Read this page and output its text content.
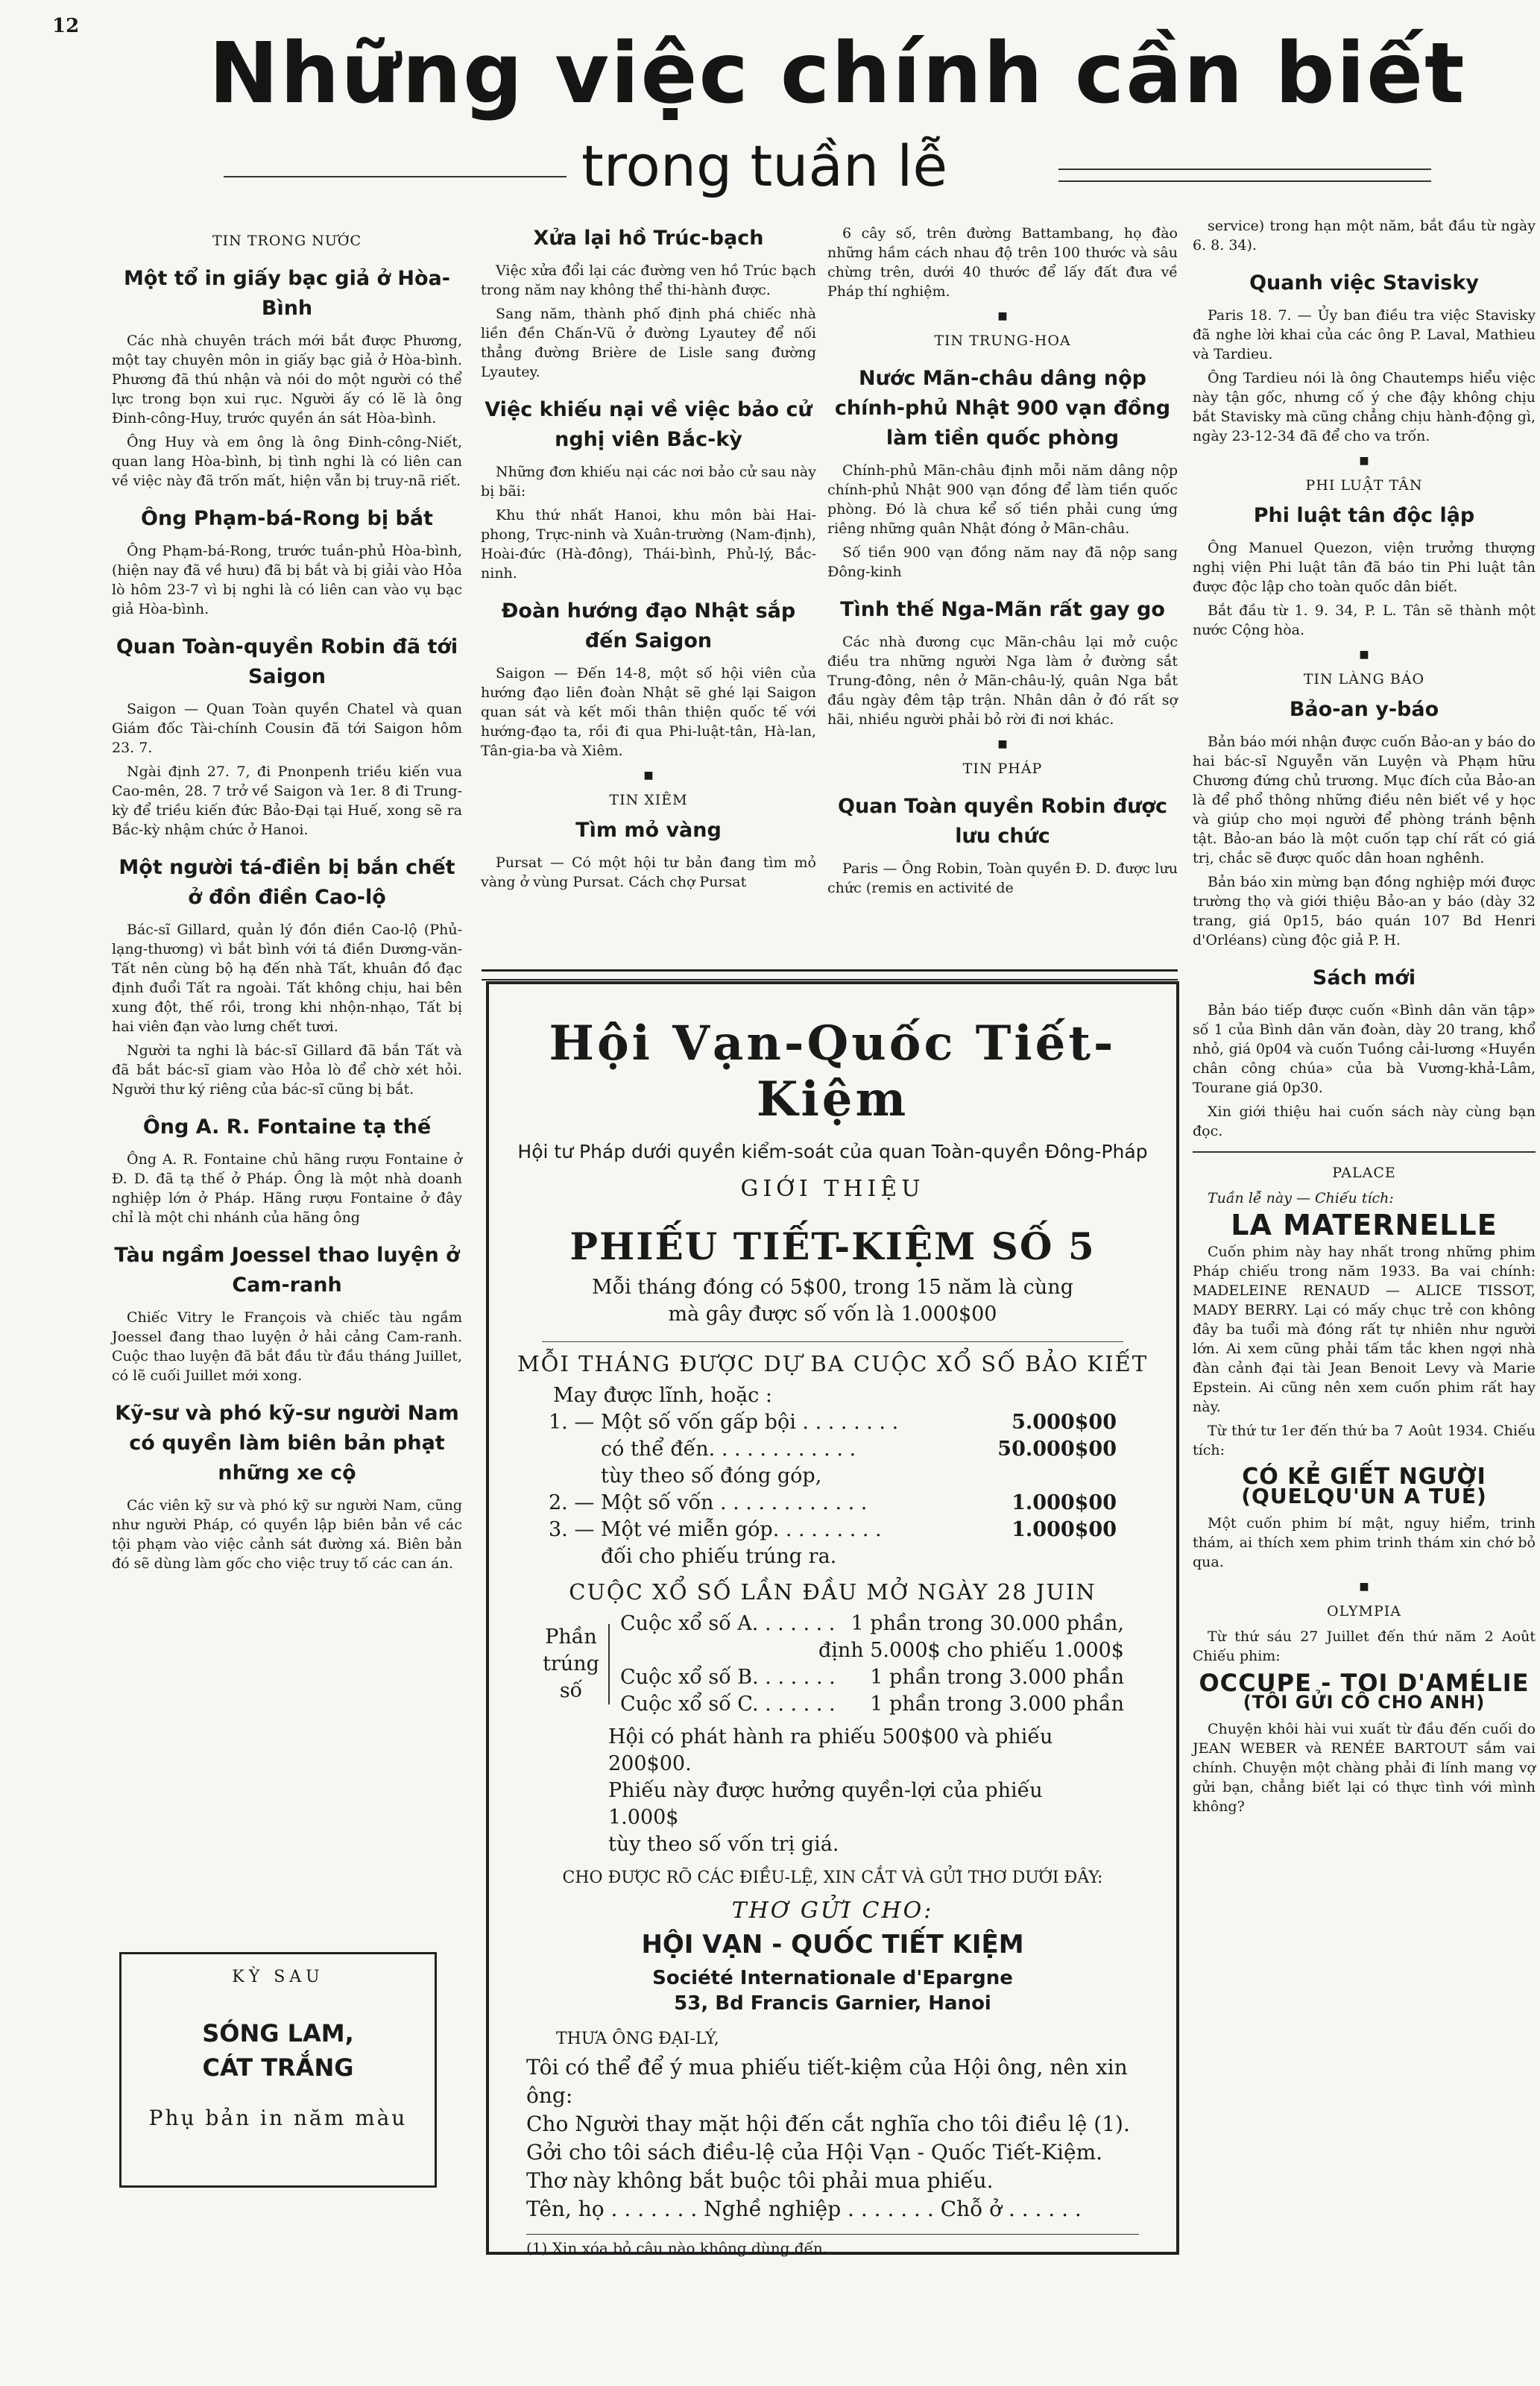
12 Những việc chính cần biết
trong tuần lễ
TIN TRONG NƯỚC
Một tổ in giấy bạc giả ở Hòa-Bình

Các nhà chuyên trách mới bắt được Phương, một tay chuyên môn in giấy bạc giả ở Hòa-bình. Phương đã thú nhận và nói do một người có thể lực trong bọn xui rục. Người ấy có lẽ là ông Đinh-công-Huy, trước quyền án sát Hòa-bình.

Ông Huy và em ông là ông Đinh-công-Niết, quan lang Hòa-bình, bị tình nghi là có liên can về việc này đã trốn mất, hiện vẫn bị truy-nã riết.

Ông Phạm-bá-Rong bị bắt

Ông Phạm-bá-Rong, trước tuần-phủ Hòa-bình, (hiện nay đã về hưu) đã bị bắt và bị giải vào Hỏa lò hôm 23-7 vì bị nghi là có liên can vào vụ bạc giả Hòa-bình.

Quan Toàn-quyền Robin đã tới Saigon

Saigon — Quan Toàn quyền Chatel và quan Giám đốc Tài-chính Cousin đã tới Saigon hôm 23. 7.

Ngài định 27. 7, đi Pnonpenh triều kiến vua Cao-mên, 28. 7 trở về Saigon và 1er. 8 đi Trung-kỳ để triều kiến đức Bảo-Đại tại Huế, xong sẽ ra Bắc-kỳ nhậm chức ở Hanoi.

Một người tá-điền bị bắn chết ở đồn điền Cao-lộ

Bác-sĩ Gillard, quản lý đồn điền Cao-lộ (Phủ-lạng-thương) vì bắt bình với tá điền Dương-văn-Tất nên cùng bộ hạ đến nhà Tất, khuân đồ đạc định đuổi Tất ra ngoài. Tất không chịu, hai bên xung đột, thế rồi, trong khi nhộn-nhạo, Tất bị hai viên đạn vào lưng chết tươi.

Người ta nghi là bác-sĩ Gillard đã bắn Tất và đã bắt bác-sĩ giam vào Hỏa lò để chờ xét hỏi. Người thư ký riêng của bác-sĩ cũng bị bắt.

Ông A. R. Fontaine tạ thế

Ông A. R. Fontaine chủ hãng rượu Fontaine ở Đ. D. đã tạ thế ở Pháp. Ông là một nhà doanh nghiệp lớn ở Pháp. Hãng rượu Fontaine ở đây chỉ là một chi nhánh của hãng ông

Tàu ngầm Joessel thao luyện ở Cam-ranh

Chiếc Vitry le François và chiếc tàu ngầm Joessel đang thao luyện ở hải cảng Cam-ranh. Cuộc thao luyện đã bắt đầu từ đầu tháng Juillet, có lẽ cuối Juillet mới xong.

Kỹ-sư và phó kỹ-sư người Nam có quyền làm biên bản phạt những xe cộ

Các viên kỹ sư và phó kỹ sư người Nam, cũng như người Pháp, có quyền lập biên bản về các tội phạm vào việc cảnh sát đường xá. Biên bản đó sẽ dùng làm gốc cho việc truy tố các can án.

KỲ SAU
SÓNG LAM,
CÁT TRẮNG
Phụ bản in năm màu
Xửa lại hồ Trúc-bạch

Việc xửa đổi lại các đường ven hồ Trúc bạch trong năm nay không thể thi-hành được.

Sang năm, thành phố định phá chiếc nhà liền đền Chấn-Vũ ở đường Lyautey để nối thẳng đường Brière de Lisle sang đường Lyautey.

Việc khiếu nại về việc bảo cử nghị viên Bắc-kỳ

Những đơn khiếu nại các nơi bảo cử sau này bị bãi:

Khu thứ nhất Hanoi, khu môn bài Hai-phong, Trực-ninh và Xuân-trường (Nam-định), Hoài-đức (Hà-đông), Thái-bình, Phủ-lý, Bắc-ninh.

Đoàn hướng đạo Nhật sắp đến Saigon

Saigon — Đến 14-8, một số hội viên của hướng đạo liên đoàn Nhật sẽ ghé lại Saigon quan sát và kết mối thân thiện quốc tế với hướng-đạo ta, rồi đi qua Phi-luật-tân, Hà-lan, Tân-gia-ba và Xiêm.

■
TIN XIÊM
Tìm mỏ vàng

Pursat — Có một hội tư bản đang tìm mỏ vàng ở vùng Pursat. Cách chợ Pursat

6 cây số, trên đường Battambang, họ đào những hầm cách nhau độ trên 100 thước và sâu chừng trên, dưới 40 thước để lấy đất đưa về Pháp thí nghiệm.

■
TIN TRUNG-HOA
Nước Mãn-châu dâng nộp chính-phủ Nhật 900 vạn đồng làm tiền quốc phòng

Chính-phủ Mãn-châu định mỗi năm dâng nộp chính-phủ Nhật 900 vạn đồng để làm tiền quốc phòng. Đó là chưa kể số tiền phải cung ứng riêng những quân Nhật đóng ở Mãn-châu.

Số tiền 900 vạn đồng năm nay đã nộp sang Đông-kinh

Tình thế Nga-Mãn rất gay go

Các nhà đương cục Mãn-châu lại mở cuộc điều tra những người Nga làm ở đường sắt Trung-đông, nên ở Mãn-châu-lý, quân Nga bắt đầu ngày đêm tập trận. Nhân dân ở đó rất sợ hãi, nhiều người phải bỏ rời đi nơi khác.

■
TIN PHÁP
Quan Toàn quyền Robin được lưu chức

Paris — Ông Robin, Toàn quyền Đ. D. được lưu chức (remis en activité de

service) trong hạn một năm, bắt đầu từ ngày 6. 8. 34).

Quanh việc Stavisky

Paris 18. 7. — Ủy ban điều tra việc Stavisky đã nghe lời khai của các ông P. Laval, Mathieu và Tardieu.

Ông Tardieu nói là ông Chautemps hiểu việc này tận gốc, nhưng cố ý che đậy không chịu bắt Stavisky mà cũng chẳng chịu hành-động gì, ngày 23-12-34 đã để cho va trốn.

■
PHI LUẬT TÂN
Phi luật tân độc lập

Ông Manuel Quezon, viện trưởng thượng nghị viện Phi luật tân đã báo tin Phi luật tân được độc lập cho toàn quốc dân biết.

Bắt đầu từ 1. 9. 34, P. L. Tân sẽ thành một nước Cộng hòa.

■
TIN LÀNG BÁO
Bảo-an y-báo

Bản báo mới nhận được cuốn Bảo-an y báo do hai bác-sĩ Nguyễn văn Luyện và Phạm hữu Chương đứng chủ trương. Mục đích của Bảo-an là để phổ thông những điều nên biết về y học và giúp cho mọi người để phòng tránh bệnh tật. Bảo-an báo là một cuốn tạp chí rất có giá trị, chắc sẽ được quốc dân hoan nghênh.

Bản báo xin mừng bạn đồng nghiệp mới được trường thọ và giới thiệu Bảo-an y báo (dày 32 trang, giá 0p15, báo quán 107 Bd Henri d'Orléans) cùng độc giả P. H.

Sách mới

Bản báo tiếp được cuốn «Bình dân văn tập» số 1 của Bình dân văn đoàn, dày 20 trang, khổ nhỏ, giá 0p04 và cuốn Tuồng cải-lương «Huyền chân công chúa» của bà Vương-khả-Lâm, Tourane giá 0p30.

Xin giới thiệu hai cuốn sách này cùng bạn đọc.

PALACE

Tuần lễ này — Chiếu tích:

LA MATERNELLE

Cuốn phim này hay nhất trong những phim Pháp chiếu trong năm 1933. Ba vai chính: MADELEINE RENAUD — ALICE TISSOT, MADY BERRY. Lại có mấy chục trẻ con không đây ba tuổi mà đóng rất tự nhiên như người lớn. Ai xem cũng phải tấm tắc khen ngợi nhà đàn cảnh đại tài Jean Benoit Levy và Marie Epstein. Ai cũng nên xem cuốn phim rất hay này.

Từ thứ tư 1er đến thứ ba 7 Août 1934. Chiếu tích:

CÓ KẺ GIẾT NGƯỜI
(QUELQU'UN A TUÉ)

Một cuốn phim bí mật, nguy hiểm, trinh thám, ai thích xem phim trinh thám xin chớ bỏ qua.

■
OLYMPIA

Từ thứ sáu 27 Juillet đến thứ năm 2 Août Chiếu phim:

OCCUPE - TOI D'AMÉLIE
(TÔI GỬI CÔ CHO ANH)

Chuyện khôi hài vui xuất từ đầu đến cuối do JEAN WEBER và RENÉE BARTOUT sắm vai chính. Chuyện một chàng phải đi lính mang vợ gửi bạn, chẳng biết lại có thực tình với mình không?

Hội Vạn-Quốc Tiết-Kiệm
Hội tư Pháp dưới quyền kiểm-soát của quan Toàn-quyền Đông-Pháp
GIỚI THIỆU
PHIẾU TIẾT-KIỆM SỐ 5
Mỗi tháng đóng có 5$00, trong 15 năm là cùng
mà gây được số vốn là 1.000$00
MỖI THÁNG ĐƯỢC DỰ BA CUỘC XỔ SỐ BẢO KIẾT
May được lĩnh, hoặc :
1. — Một số vốn gấp bội . . . . . . . .	5.000$00
có thể đến. . . . . . . . . . . .	50.000$00
tùy theo số đóng góp,
2. — Một số vốn . . . . . . . . . . . .	1.000$00
3. — Một vé miễn góp. . . . . . . . .	1.000$00
đối cho phiếu trúng ra.
CUỘC XỔ SỐ LẦN ĐẦU MỞ NGÀY 28 JUIN
Phần trúng số
Cuộc xổ số A. . . . . . . 1 phần trong 30.000 phần,
định 5.000$ cho phiếu 1.000$
Cuộc xổ số B. . . . . . . 1 phần trong 3.000 phần
Cuộc xổ số C. . . . . . . 1 phần trong 3.000 phần
Hội có phát hành ra phiếu 500$00 và phiếu 200$00.
Phiếu này được hưởng quyền-lợi của phiếu 1.000$
tùy theo số vốn trị giá.
CHO ĐƯỢC RÕ CÁC ĐIỀU-LỆ, XIN CẮT VÀ GỬI THƠ DƯỚI ĐÂY:
THƠ GỬI CHO:
HỘI VẠN - QUỐC TIẾT KIỆM
Société Internationale d'Epargne
53, Bd Francis Garnier, Hanoi
THƯA ÔNG ĐẠI-LÝ,
Tôi có thể để ý mua phiếu tiết-kiệm của Hội ông, nên xin ông:
Cho Người thay mặt hội đến cắt nghĩa cho tôi điều lệ (1).
Gởi cho tôi sách điều-lệ của Hội Vạn - Quốc Tiết-Kiệm.
Thơ này không bắt buộc tôi phải mua phiếu.
Tên, họ . . . . . . . Nghề nghiệp . . . . . . . Chỗ ở . . . . . .
(1) Xin xóa bỏ câu nào không dùng đến.
